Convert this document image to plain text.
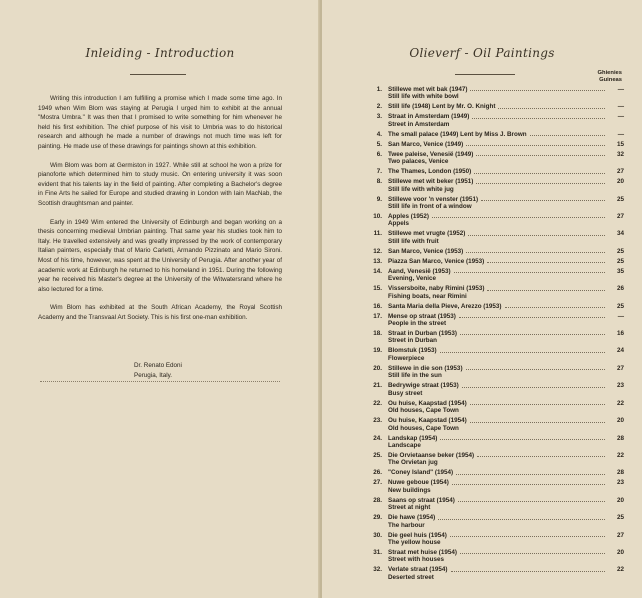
Inleiding - Introduction

Writing this introduction I am fulfilling a promise which I made some time ago. In 1949 when Wim Blom was staying at Perugia I urged him to exhibit at the annual "Mostra Umbra." It was then that I promised to write something for him whenever he held his first exhibition. The chief purpose of his visit to Umbria was to do historical research and although he made a number of drawings not much time was left for painting. He made use of these drawings for paintings shown at this exhibition.

Wim Blom was born at Germiston in 1927. While still at school he won a prize for pianoforte which determined him to study music. On entering university it was soon evident that his talents lay in the field of painting. After completing a Bachelor's degree in Fine Arts he sailed for Europe and studied drawing in London with Iain MacNab, the Scottish draughtsman and painter.

Early in 1949 Wim entered the University of Edinburgh and began working on a thesis concerning medieval Umbrian painting. That same year his studies took him to Italy. He travelled extensively and was greatly impressed by the work of contemporary Italian painters, especially that of Mario Carletti, Armando Pizzinato and Mario Sironi. Most of his time, however, was spent at the University of Perugia. After another year of academic work at Edinburgh he returned to his homeland in 1951. During the following year he received his Master's degree at the University of the Witwatersrand where he also lectured for a time.

Wim Blom has exhibited at the South African Academy, the Royal Scottish Academy and the Transvaal Art Society. This is his first one-man exhibition.

Dr. Renato Edoni
Perugia, Italy.
Olieverf - Oil Paintings
Ghienies
Guineas
1. Stillewe met wit bak (1947)	—
Still life with white bowl
2. Still life (1948) Lent by Mr. O. Knight	—
3. Straat in Amsterdam (1949)	—
Street in Amsterdam
4. The small palace (1949) Lent by Miss J. Brown	—
5. San Marco, Venice (1949)	15
6. Twee paleise, Venesië (1949)	32
Two palaces, Venice
7. The Thames, London (1950)	27
8. Stillewe met wit beker (1951)	20
Still life with white jug
9. Stillewe voor 'n venster (1951)	25
Still life in front of a window
10. Apples (1952)	27
Appels
11. Stillewe met vrugte (1952)	34
Still life with fruit
12. San Marco, Venice (1953)	25
13. Piazza San Marco, Venice (1953)	25
14. Aand, Venesië (1953)	35
Evening, Venice
15. Vissersboite, naby Rimini (1953)	26
Fishing boats, near Rimini
16. Santa Maria della Pieve, Arezzo (1953)	25
17. Mense op straat (1953)	—
People in the street
18. Straat in Durban (1953)	16
Street in Durban
19. Blomstuk (1953)	24
Flowerpiece
20. Stillewe in die son (1953)	27
Still life in the sun
21. Bedrywige straat (1953)	23
Busy street
22. Ou huise, Kaapstad (1954)	22
Old houses, Cape Town
23. Ou huise, Kaapstad (1954)	20
Old houses, Cape Town
24. Landskap (1954)	28
Landscape
25. Die Orvietaanse beker (1954)	22
The Orvietan jug
26. "Coney Island" (1954)	28
27. Nuwe geboue (1954)	23
New buildings
28. Saans op straat (1954)	20
Street at night
29. Die hawe (1954)	25
The harbour
30. Die geel huis (1954)	27
The yellow house
31. Straat met huise (1954)	20
Street with houses
32. Verlate straat (1954)	22
Deserted street
